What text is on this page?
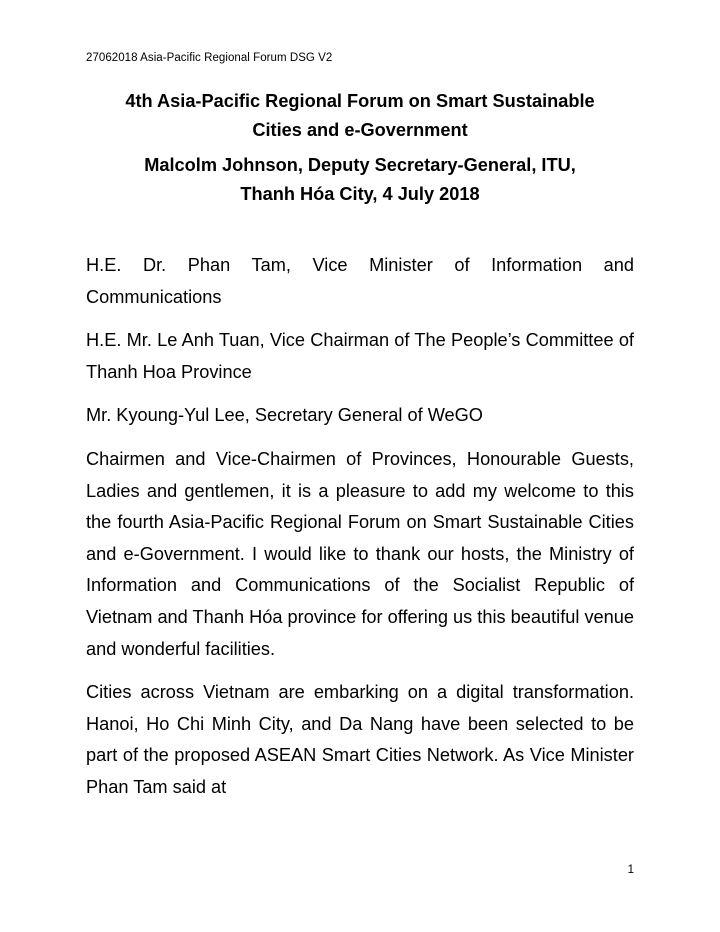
27062018 Asia-Pacific Regional Forum DSG V2
4th Asia-Pacific Regional Forum on Smart Sustainable
Cities and e-Government
Malcolm Johnson, Deputy Secretary-General, ITU,
Thanh Hóa City, 4 July 2018

H.E. Dr. Phan Tam, Vice Minister of Information and Communications

H.E. Mr. Le Anh Tuan, Vice Chairman of The People’s Committee of Thanh Hoa Province

Mr. Kyoung-Yul Lee, Secretary General of WeGO

Chairmen and Vice-Chairmen of Provinces, Honourable Guests, Ladies and gentlemen, it is a pleasure to add my welcome to this the fourth Asia-Pacific Regional Forum on Smart Sustainable Cities and e-Government. I would like to thank our hosts, the Ministry of Information and Communications of the Socialist Republic of Vietnam and Thanh Hóa province for offering us this beautiful venue and wonderful facilities.

Cities across Vietnam are embarking on a digital transformation. Hanoi, Ho Chi Minh City, and Da Nang have been selected to be part of the proposed ASEAN Smart Cities Network. As Vice Minister Phan Tam said at

1
